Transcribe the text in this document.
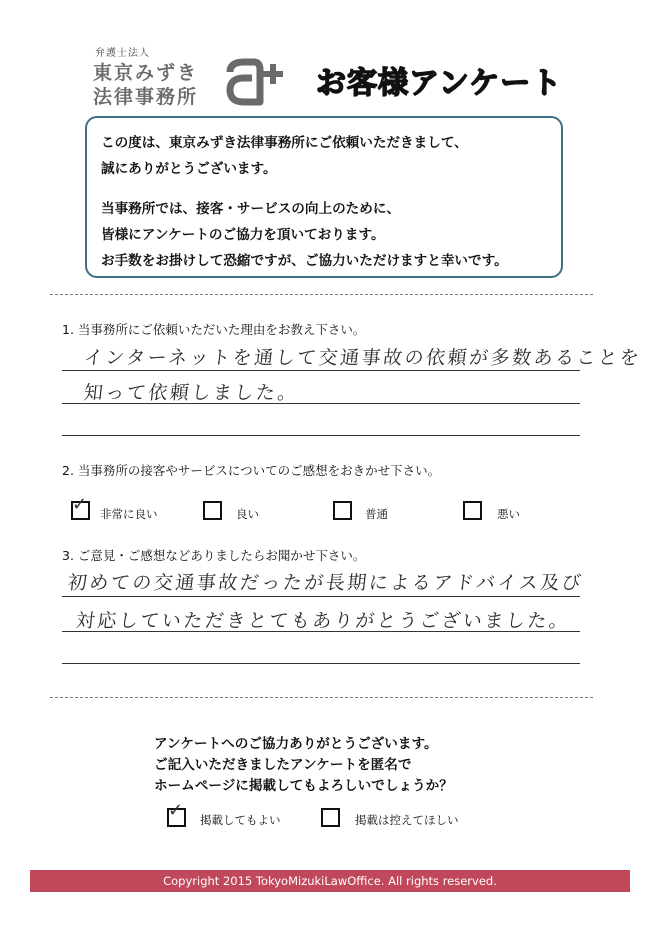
弁護士法人
東京みずき
法律事務所	お客様アンケート

この度は、東京みずき法律事務所にご依頼いただきまして、

誠にありがとうございます。

当事務所では、接客・サービスの向上のために、

皆様にアンケートのご協力を頂いております。

お手数をお掛けして恐縮ですが、ご協力いただけますと幸いです。

1. 当事務所にご依頼いただいた理由をお教え下さい。
インターネットを通して交通事故の依頼が多数あることを
知って依頼しました。
2. 当事務所の接客やサービスについてのご感想をおきかせ下さい。
✓ 非常に良い	良い	普通	悪い
3. ご意見・ご感想などありましたらお聞かせ下さい。
初めての交通事故だったが長期によるアドバイス及び
対応していただきとてもありがとうございました。
アンケートへのご協力ありがとうございます。
ご記入いただきましたアンケートを匿名で
ホームページに掲載してもよろしいでしょうか？
✓ 掲載してもよい	掲載は控えてほしい
Copyright 2015 TokyoMizukiLawOffice. All rights reserved.
